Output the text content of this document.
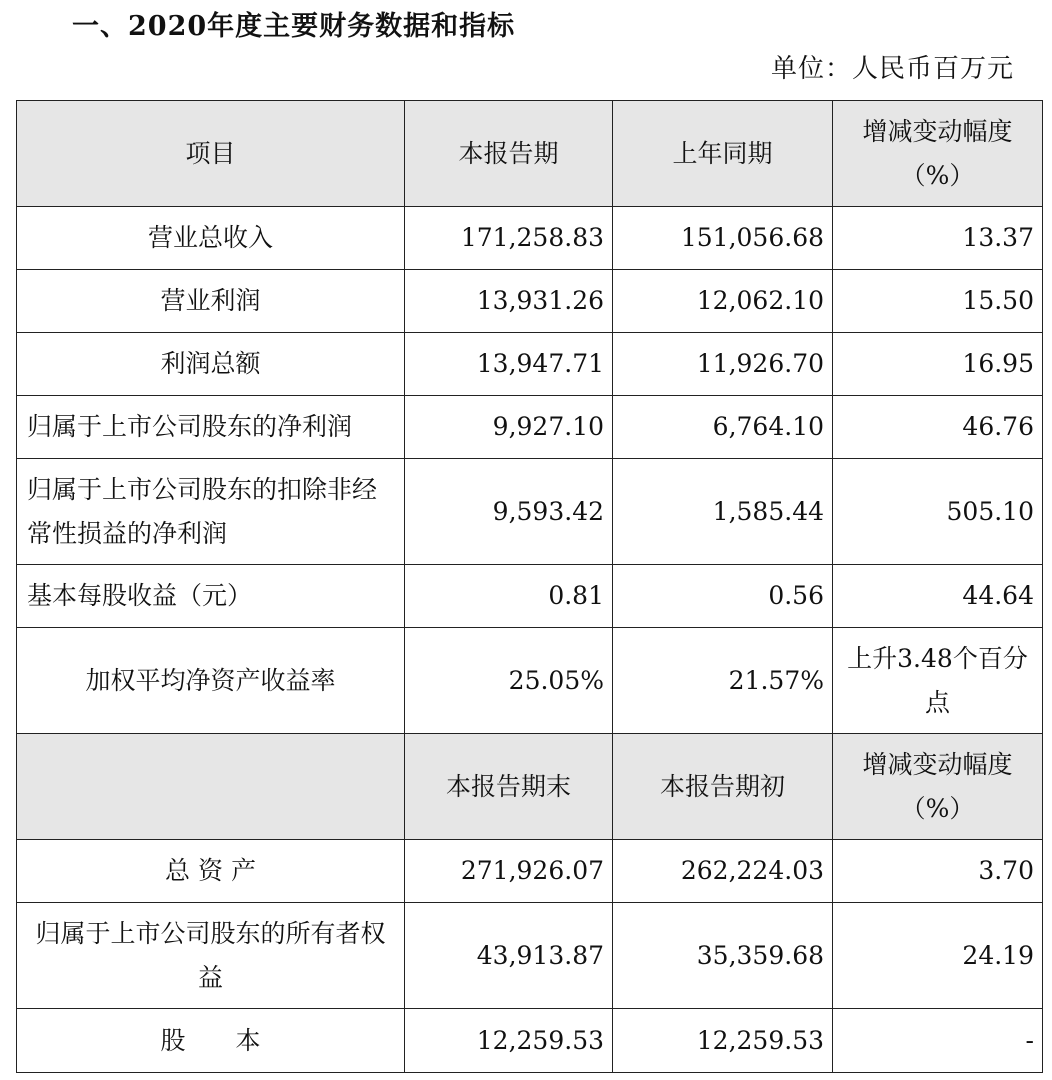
一、2020年度主要财务数据和指标
单位：人民币百万元
项目	本报告期	上年同期	增减变动幅度（%）
营业总收入	171,258.83	151,056.68	13.37
营业利润	13,931.26	12,062.10	15.50
利润总额	13,947.71	11,926.70	16.95
归属于上市公司股东的净利润	9,927.10	6,764.10	46.76
归属于上市公司股东的扣除非经常性损益的净利润	9,593.42	1,585.44	505.10
基本每股收益（元）	0.81	0.56	44.64
加权平均净资产收益率	25.05%	21.57%	上升3.48个百分点
	本报告期末	本报告期初	增减变动幅度（%）
总 资 产	271,926.07	262,224.03	3.70
归属于上市公司股东的所有者权益	43,913.87	35,359.68	24.19
股　　本	12,259.53	12,259.53	-
